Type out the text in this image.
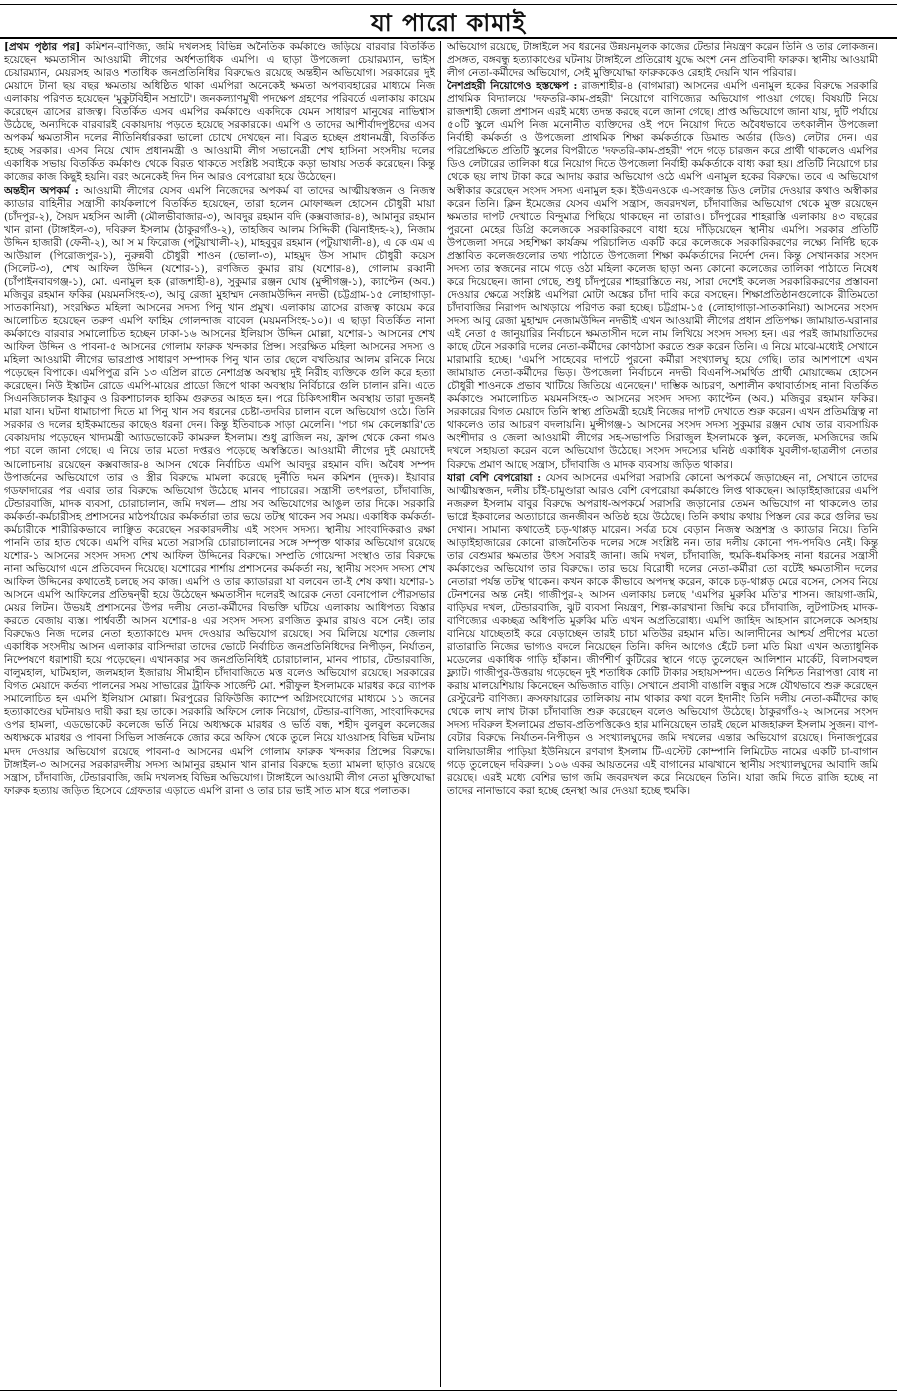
যা পারো কামাই

[প্রথম পৃষ্ঠার পর] কমিশন-বাণিজ্য, জমি দখলসহ বিভিন্ন অনৈতিক কর্মকাণ্ডে জড়িয়ে বারবার বিতর্কিত হয়েছেন ক্ষমতাসীন আওয়ামী লীগের অর্ধশতাধিক এমপি। এ ছাড়া উপজেলা চেয়ারম্যান, ভাইস চেয়ারম্যান, মেয়রসহ আরও শতাধিক জনপ্রতিনিধির বিরুদ্ধেও রয়েছে অন্তহীন অভিযোগ। সরকারের দুই মেয়াদে টানা ছয় বছর ক্ষমতায় অধিষ্ঠিত থাকা এমপিরা অনেকেই ক্ষমতা অপব্যবহারের মাধ্যমে নিজ এলাকায় পরিণত হয়েছেন 'মুকুটবিহীন সম্রাটে'। জনকল্যাণমুখী পদক্ষেপ গ্রহণের পরিবর্তে এলাকায় কায়েম করেছেন ত্রাসের রাজত্ব। বিতর্কিত এসব এমপির কর্মকাণ্ডে একদিকে যেমন সাধারণ মানুষের নাভিশ্বাস উঠেছে, অন্যদিকে বারবারই বেকায়দায় পড়তে হয়েছে সরকারকে। এমপি ও তাদের আশীর্বাদপুষ্টদের এসব অপকর্ম ক্ষমতাসীন দলের নীতিনির্ধারকরা ভালো চোখে দেখছেন না। বিব্রত হচ্ছেন প্রধানমন্ত্রী, বিতর্কিত হচ্ছে সরকার। এসব নিয়ে খোদ প্রধানমন্ত্রী ও আওয়ামী লীগ সভানেত্রী শেখ হাসিনা সংসদীয় দলের একাধিক সভায় বিতর্কিত কর্মকাণ্ড থেকে বিরত থাকতে সংশ্লিষ্ট সবাইকে কড়া ভাষায় সতর্ক করেছেন। কিন্তু কাজের কাজ কিছুই হয়নি। বরং অনেকেই দিন দিন আরও বেপরোয়া হয়ে উঠেছেন।

অন্তহীন অপকর্ম : আওয়ামী লীগের যেসব এমপি নিজেদের অপকর্ম বা তাদের আত্মীয়স্বজন ও নিজস্ব ক্যাডার বাহিনীর সন্ত্রাসী কার্যকলাপে বিতর্কিত হয়েছেন, তারা হলেন মোফাজ্জল হোসেন চৌধুরী মায়া (চাঁদপুর-২), সৈয়দ মহসিন আলী (মৌলভীবাজার-৩), আবদুর রহমান বদি (কক্সবাজার-৪), আমানুর রহমান খান রানা (টাঙ্গাইল-৩), দবিরুল ইসলাম (ঠাকুরগাঁও-২), তাহজিব আলম সিদ্দিকী (ঝিনাইদহ-২), নিজাম উদ্দিন হাজারী (ফেনী-২), আ স ম ফিরোজ (পটুয়াখালী-২), মাহবুবুর রহমান (পটুয়াখালী-৪), এ কে এম এ আউয়াল (পিরোজপুর-১), নুরুন্নবী চৌধুরী শাওন (ভোলা-৩), মাহমুদ উস সামাদ চৌধুরী কয়েস (সিলেট-৩), শেখ আফিল উদ্দিন (যশোর-১), রণজিত কুমার রায় (যশোর-৪), গোলাম রব্বানী (চাঁপাইনবাবগঞ্জ-১), মো. এনামুল হক (রাজশাহী-৪), সুকুমার রঞ্জন ঘোষ (মুন্সীগঞ্জ-১), ক্যাপ্টেন (অব.) মজিবুর রহমান ফকির (ময়মনসিংহ-৩), আবু রেজা মুহাম্মদ নেজামউদ্দিন নদভী (চট্টগ্রাম-১৫ লোহাগাড়া-সাতকানিয়া), সংরক্ষিত মহিলা আসনের সদস্য পিনু খান প্রমুখ। এলাকায় ত্রাসের রাজত্ব কায়েম করে আলোচিত হয়েছেন তরুণ এমপি ফাহিম গোলন্দাজ বাবেল (ময়মনসিংহ-১০)। এ ছাড়া বিতর্কিত নানা কর্মকাণ্ডে বারবার সমালোচিত হচ্ছেন ঢাকা-১৬ আসনের ইলিয়াস উদ্দিন মোল্লা, যশোর-১ আসনের শেখ আফিল উদ্দিন ও পাবনা-৫ আসনের গোলাম ফারুক খন্দকার প্রিন্স। সংরক্ষিত মহিলা আসনের সদস্য ও মহিলা আওয়ামী লীগের ভারপ্রাপ্ত সাধারণ সম্পাদক পিনু খান তার ছেলে বখতিয়ার আলম রনিকে নিয়ে পড়েছেন বিপাকে। এমপিপুত্র রনি ১৩ এপ্রিল রাতে নেশাগ্রস্ত অবস্থায় দুই নিরীহ ব্যক্তিকে গুলি করে হত্যা করেছেন। নিউ ইস্কাটন রোডে এমপি-মায়ের প্রাডো জিপে থাকা অবস্থায় নির্বিচারে গুলি চালান রনি। এতে সিএনজিচালক ইয়াকুব ও রিকশাচালক হাকিম গুরুতর আহত হন। পরে চিকিৎসাধীন অবস্থায় তারা দুজনই মারা যান। ঘটনা ধামাচাপা দিতে মা পিনু খান সব ধরনের চেষ্টা-তদবির চালান বলে অভিযোগ ওঠে। তিনি সরকার ও দলের হাইকমান্ডের কাছেও ধরনা দেন। কিন্তু ইতিবাচক সাড়া মেলেনি। 'পচা গম কেলেঙ্কারি'তে বেকায়দায় পড়েছেন খাদ্যমন্ত্রী অ্যাডভোকেট কামরুল ইসলাম। শুধু ব্রাজিল নয়, ফ্রান্স থেকে কেনা গমও পচা বলে জানা গেছে। এ নিয়ে তার মতো দপ্তরও পড়েছে অস্বস্তিতে। আওয়ামী লীগের দুই মেয়াদেই আলোচনায় রয়েছেন কক্সবাজার-৪ আসন থেকে নির্বাচিত এমপি আবদুর রহমান বদি। অবৈধ সম্পদ উপার্জনের অভিযোগে তার ও স্ত্রীর বিরুদ্ধে মামলা করেছে দুর্নীতি দমন কমিশন (দুদক)। ইয়াবার গডফাদারের পর এবার তার বিরুদ্ধে অভিযোগ উঠেছে মানব পাচারের। সন্ত্রাসী তৎপরতা, চাঁদাবাজি, টেন্ডারবাজি, মাদক ব্যবসা, চোরাচালান, জমি দখল— প্রায় সব অভিযোগের আঙুল তার দিকে। সরকারি কর্মকর্তা-কর্মচারীসহ প্রশাসনের মাঠপর্যায়ের কর্মকর্তারা তার ভয়ে তটস্থ থাকেন সব সময়। একাধিক কর্মকর্তা-কর্মচারীকে শারীরিকভাবে লাঞ্ছিত করেছেন সরকারদলীয় এই সংসদ সদস্য। স্থানীয় সাংবাদিকরাও রক্ষা পাননি তার হাত থেকে। এমপি বদির মতো সরাসরি চোরাচালানের সঙ্গে সম্পৃক্ত থাকার অভিযোগ রয়েছে যশোর-১ আসনের সংসদ সদস্য শেখ আফিল উদ্দিনের বিরুদ্ধে। সম্প্রতি গোয়েন্দা সংস্থাও তার বিরুদ্ধে নানা অভিযোগ এনে প্রতিবেদন দিয়েছে। যশোরের শার্শায় প্রশাসনের কর্মকর্তা নয়, স্থানীয় সংসদ সদস্য শেখ আফিল উদ্দিনের কথাতেই চলছে সব কাজ। এমপি ও তার ক্যাডাররা যা বলবেন তা-ই শেষ কথা। যশোর-১ আসনে এমপি আফিলের প্রতিদ্বন্দ্বী হয়ে উঠেছেন ক্ষমতাসীন দলেরই আরেক নেতা বেনাপোল পৌরসভার মেয়র লিটন। উভয়ই প্রশাসনের উপর দলীয় নেতা-কর্মীদের বিভক্তি ঘটিয়ে এলাকায় আধিপত্য বিস্তার করতে বেজায় ব্যস্ত। পার্শ্ববর্তী আসন যশোর-৪ এর সংসদ সদস্য রণজিত কুমার রায়ও বসে নেই। তার বিরুদ্ধেও নিজ দলের নেতা হত্যাকাণ্ডে মদদ দেওয়ার অভিযোগ রয়েছে। সব মিলিয়ে যশোর জেলায় একাধিক সংসদীয় আসন এলাকার বাসিন্দারা তাদের ভোটে নির্বাচিত জনপ্রতিনিধিদের নিপীড়ন, নির্যাতন, নিষ্পেষণে ধরাশায়ী হয়ে পড়েছেন। এখানকার সব জনপ্রতিনিধিই চোরাচালান, মানব পাচার, টেন্ডারবাজি, বালুমহাল, ঘাটমহাল, জলমহাল ইজারায় সীমাহীন চাঁদাবাজিতে মত্ত বলেও অভিযোগ রয়েছে। সরকারের বিগত মেয়াদে কর্তব্য পালনের সময় সাভারের ট্রাফিক সার্জেন্ট মো. শরীফুল ইসলামকে মারধর করে ব্যাপক সমালোচিত হন এমপি ইলিয়াস মোল্লা। মিরপুরের রিফিউজি ক্যাম্পে অগ্নিসংযোগের মাধ্যমে ১১ জনের হত্যাকাণ্ডের ঘটনায়ও দায়ী করা হয় তাকে। সরকারি অফিসে লোক নিয়োগ, টেন্ডার-বাণিজ্য, সাংবাদিকদের ওপর হামলা, এডভোকেট কলেজে ভর্তি নিয়ে অধ্যক্ষকে মারধর ও ভর্তি বন্ধ, শহীদ বুলবুল কলেজের অধ্যক্ষকে মারধর ও পাবনা সিভিল সার্জনকে জোর করে অফিস থেকে তুলে নিয়ে যাওয়াসহ বিভিন্ন ঘটনায় মদদ দেওয়ার অভিযোগ রয়েছে পাবনা-৫ আসনের এমপি গোলাম ফারুক খন্দকার প্রিন্সের বিরুদ্ধে। টাঙ্গাইল-৩ আসনের সরকারদলীয় সদস্য আমানুর রহমান খান রানার বিরুদ্ধে হত্যা মামলা ছাড়াও রয়েছে সন্ত্রাস, চাঁদাবাজি, টেন্ডারবাজি, জমি দখলসহ বিভিন্ন অভিযোগ। টাঙ্গাইলে আওয়ামী লীগ নেতা মুক্তিযোদ্ধা ফারুক হত্যায় জড়িত হিসেবে গ্রেফতার এড়াতে এমপি রানা ও তার চার ভাই সাত মাস ধরে পলাতক।

অভিযোগ রয়েছে, টাঙ্গাইলে সব ধরনের উন্নয়নমূলক কাজের টেন্ডার নিয়ন্ত্রণ করেন তিনি ও তার লোকজন। প্রসঙ্গত, বঙ্গবন্ধু হত্যাকাণ্ডের ঘটনায় টাঙ্গাইলে প্রতিরোধ যুদ্ধে অংশ নেন প্রতিবাদী ফারুক। স্থানীয় আওয়ামী লীগ নেতা-কর্মীদের অভিযোগ, সেই মুক্তিযোদ্ধা ফারুককেও রেহাই দেয়নি খান পরিবার।

নৈশপ্রহরী নিয়োগেও হস্তক্ষেপ : রাজশাহীর-৪ (বাগমারা) আসনের এমপি এনামুল হকের বিরুদ্ধে সরকারি প্রাথমিক বিদ্যালয়ে 'দফতরি-কাম-প্রহরী' নিয়োগে বাণিজ্যের অভিযোগ পাওয়া গেছে। বিষয়টি নিয়ে রাজশাহী জেলা প্রশাসন এরই মধ্যে তদন্ত করছে বলে জানা গেছে। প্রাপ্ত অভিযোগে জানা যায়, দুটি পর্যায়ে ৫০টি স্কুলে এমপি নিজ মনোনীত ব্যক্তিদের ওই পদে নিয়োগ দিতে অবৈধভাবে তৎকালীন উপজেলা নির্বাহী কর্মকর্তা ও উপজেলা প্রাথমিক শিক্ষা কর্মকর্তাকে ডিমান্ড অর্ডার (ডিও) লেটার দেন। এর পরিপ্রেক্ষিতে প্রতিটি স্কুলের বিপরীতে 'দফতরি-কাম-প্রহরী' পদে গড়ে চারজন করে প্রার্থী থাকলেও এমপির ডিও লেটারের তালিকা ধরে নিয়োগ দিতে উপজেলা নির্বাহী কর্মকর্তাকে বাধ্য করা হয়। প্রতিটি নিয়োগে চার থেকে ছয় লাখ টাকা করে আদায় করার অভিযোগ ওঠে এমপি এনামুল হকের বিরুদ্ধে। তবে এ অভিযোগ অস্বীকার করেছেন সংসদ সদস্য এনামুল হক। ইউএনওকে এ-সংক্রান্ত ডিও লেটার দেওয়ার কথাও অস্বীকার করেন তিনি। ক্লিন ইমেজের যেসব এমপি সন্ত্রাস, জবরদখল, চাঁদাবাজির অভিযোগ থেকে মুক্ত রয়েছেন ক্ষমতার দাপট দেখাতে বিন্দুমাত্র পিছিয়ে থাকছেন না তারাও। চাঁদপুরের শাহরাস্তি এলাকায় ৪৩ বছরের পুরনো মেহের ডিগ্রি কলেজকে সরকারিকরণে বাধা হয়ে দাঁড়িয়েছেন স্থানীয় এমপি। সরকার প্রতিটি উপজেলা সদরে সহশিক্ষা কার্যক্রম পরিচালিত একটি করে কলেজকে সরকারিকরণের লক্ষ্যে নির্দিষ্ট ছকে প্রস্তাবিত কলেজগুলোর তথ্য পাঠাতে উপজেলা শিক্ষা কর্মকর্তাদের নির্দেশ দেন। কিন্তু সেখানকার সংসদ সদস্য তার স্বজনের নামে গড়ে ওঠা মহিলা কলেজ ছাড়া অন্য কোনো কলেজের তালিকা পাঠাতে নিষেধ করে দিয়েছেন। জানা গেছে, শুধু চাঁদপুরের শাহরাস্তিতে নয়, সারা দেশেই কলেজ সরকারিকরণের প্রস্তাবনা দেওয়ার ক্ষেত্রে সংশ্লিষ্ট এমপিরা মোটা অঙ্কের চাঁদা দাবি করে বসছেন। শিক্ষাপ্রতিষ্ঠানগুলোকে রীতিমতো চাঁদাবাজির নিরাপদ আখড়ায়ে পরিণত করা হচ্ছে। চট্টগ্রাম-১৫ (লোহাগাড়া-সাতকানিয়া) আসনের সংসদ সদস্য আবু রেজা মুহাম্মদ নেজামউদ্দিন নদভীই এখন আওয়ামী লীগের প্রধান প্রতিপক্ষ। জামায়াত-ঘরানার এই নেতা ৫ জানুয়ারির নির্বাচনে ক্ষমতাসীন দলে নাম লিখিয়ে সংসদ সদস্য হন। এর পরই জামায়াতিদের কাছে টেনে সরকারি দলের নেতা-কর্মীদের কোণঠাসা করতে শুরু করেন তিনি। এ নিয়ে মাঝে-মধ্যেই সেখানে মারামারি হচ্ছে। 'এমপি সাহেবের দাপটে পুরনো কর্মীরা সংখ্যালঘু হয়ে গেছি। তার আশপাশে এখন জামায়াত নেতা-কর্মীদের ভিড়। উপজেলা নির্বাচনে নদভী বিএনপি-সমর্থিত প্রার্থী মোয়াজ্জেম হোসেন চৌধুরী শাওনকে প্রভাব খাটিয়ে জিতিয়ে এনেছেন।' দাম্ভিক আচরণ, অশালীন কথাবার্তাসহ নানা বিতর্কিত কর্মকাণ্ডে সমালোচিত ময়মনসিংহ-৩ আসনের সংসদ সদস্য ক্যাপ্টেন (অব.) মজিবুর রহমান ফকির। সরকারের বিগত মেয়াদে তিনি স্বাস্থ্য প্রতিমন্ত্রী হয়েই নিজের দাপট দেখাতে শুরু করেন। এখন প্রতিমন্ত্রিত্ব না থাকলেও তার আচরণ বদলায়নি। মুন্সীগঞ্জ-১ আসনের সংসদ সদস্য সুকুমার রঞ্জন ঘোষ তার ব্যবসায়িক অংশীদার ও জেলা আওয়ামী লীগের সহ-সভাপতি সিরাজুল ইসলামকে স্কুল, কলেজ, মসজিদের জমি দখলে সহায়তা করেন বলে অভিযোগ উঠেছে। সংসদ সদস্যের ঘনিষ্ঠ একাধিক যুবলীগ-ছাত্রলীগ নেতার বিরুদ্ধে প্রমাণ আছে সন্ত্রাস, চাঁদাবাজি ও মাদক ব্যবসায় জড়িত থাকার।

যারা বেশি বেপরোয়া : যেসব আসনের এমপিরা সরাসরি কোনো অপকর্মে জড়াচ্ছেন না, সেখানে তাদের আত্মীয়স্বজন, দলীয় চাঁই-চামুণ্ডারা আরও বেশি বেপরোয়া কর্মকাণ্ডে লিপ্ত থাকছেন। আড়াইহাজারের এমপি নজরুল ইসলাম বাবুর বিরুদ্ধে অপরাধ-অপকর্মে সরাসরি জড়ানোর তেমন অভিযোগ না থাকলেও তার ভাগ্নে ইকবালের অত্যাচারে জনজীবন অতিষ্ঠ হয়ে উঠেছে। তিনি কথায় কথায় পিস্তল বের করে গুলির ভয় দেখান। সামান্য কথাতেই চড়-থাপ্পড় মারেন। সর্বত্র চষে বেড়ান নিজস্ব অস্ত্রশস্ত্র ও ক্যাডার নিয়ে। তিনি আড়াইহাজারের কোনো রাজনৈতিক দলের সঙ্গে সংশ্লিষ্ট নন। তার দলীয় কোনো পদ-পদবিও নেই। কিন্তু তার বেশুমার ক্ষমতার উৎস সবারই জানা। জমি দখল, চাঁদাবাজি, হুমকি-ধমকিসহ নানা ধরনের সন্ত্রাসী কর্মকাণ্ডের অভিযোগ তার বিরুদ্ধে। তার ভয়ে বিরোধী দলের নেতা-কর্মীরা তো বটেই ক্ষমতাসীন দলের নেতারা পর্যন্ত তটস্থ থাকেন। কখন কাকে কীভাবে অপদস্থ করেন, কাকে চড়-থাপ্পড় মেরে বসেন, সেসব নিয়ে টেনশনের অন্ত নেই। গাজীপুর-২ আসন এলাকায় চলছে 'এমপির মুরুব্বি মতি'র শাসন। জায়গা-জমি, বাড়িঘর দখল, টেন্ডারবাজি, ঝুট ব্যবসা নিয়ন্ত্রণ, শিল্প-কারখানা জিম্মি করে চাঁদাবাজি, লুটপাটসহ মাদক-বাণিজ্যের একচ্ছত্র অধিপতি মুরুব্বি মতি এখন অপ্রতিরোধ্য। এমপি জাহিদ আহসান রাসেলকে অসহায় বানিয়ে যাচ্ছেতাই করে বেড়াচ্ছেন তারই চাচা মতিউর রহমান মতি। আলাদীনের আশ্চর্য প্রদীপের মতো রাতারাতি নিজের ভাগ্যও বদলে নিয়েছেন তিনি। কদিন আগেও হেঁটে চলা মতি মিয়া এখন অত্যাধুনিক মডেলের একাধিক গাড়ি হাঁকান। জীর্ণশীর্ণ কুটিরের স্থানে গড়ে তুলেছেন আলিশান মার্কেট, বিলাসবহুল ফ্ল্যাট। গাজীপুর-উত্তরায় গড়েছেন দুই শতাধিক কোটি টাকার সহায়সম্পদ। এতেও নিশ্চিত নিরাপত্তা বোধ না করায় মালয়েশিয়ায় কিনেছেন অভিজাত বাড়ি। সেখানে প্রবাসী বাঙালি বন্ধুর সঙ্গে যৌথভাবে শুরু করেছেন রেস্টুরেন্ট বাণিজ্য। ক্রসফায়ারের তালিকায় নাম থাকার কথা বলে ইদানীং তিনি দলীয় নেতা-কর্মীদের কাছ থেকে লাখ লাখ টাকা চাঁদাবাজি শুরু করেছেন বলেও অভিযোগ উঠেছে। ঠাকুরগাঁও-২ আসনের সংসদ সদস্য দবিরুল ইসলামের প্রভাব-প্রতিপত্তিকেও হার মানিয়েছেন তারই ছেলে মাজহারুল ইসলাম সুজন। বাপ-বেটার বিরুদ্ধে নির্যাতন-নিপীড়ন ও সংখ্যালঘুদের জমি দখলের এন্তার অভিযোগ রয়েছে। দিনাজপুরের বালিয়াডাঙ্গীর পাড়িয়া ইউনিয়নে রণবাগ ইসলাম টি-এস্টেট কোম্পানি লিমিটেড নামের একটি চা-বাগান গড়ে তুলেছেন দবিরুল। ১০৬ একর আয়তনের এই বাগানের মাঝখানে স্থানীয় সংখ্যালঘুদের আবাদি জমি রয়েছে। এরই মধ্যে বেশির ভাগ জমি জবরদখল করে নিয়েছেন তিনি। যারা জমি দিতে রাজি হচ্ছে না তাদের নানাভাবে করা হচ্ছে হেনস্থা আর দেওয়া হচ্ছে হুমকি।
